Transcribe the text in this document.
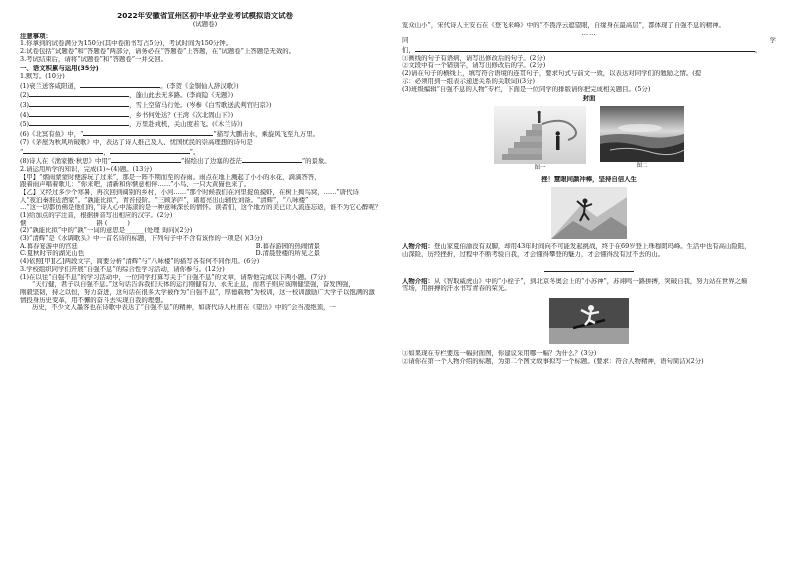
2022年安徽省宣州区初中毕业学业考试模拟语文试卷
(试题卷)
注意事项：
1.你拿到的试卷满分为150分(其中卷面书写占5分)，考试时间为150分钟。
2.试卷包括“试题卷”和“答题卷”两部分，请务必在“答题卷”上答题，在“试题卷”上答题是无效的。
3.考试结束后，请将“试题卷”和“答题卷”一并交回。
一、语文积累与运用(35分)
1.默写。(10分)
(1)衰兰送客咸阳道，	。(李贺《金铜仙人辞汉歌》)
(2)	，蓬山此去无多路。(李商隐《无题》)
(3)	，雪上空留马行处。(岑参《白雪歌送武判官归京》)
(4)	，乡书何处达？(王湾《次北固山下》)
(5)	，万里赴戎机，关山度若飞。(《木兰诗》)
(6)《北冥有鱼》中，“	”描写大鹏击水，乘旋风飞至九万里。
(7)《茅屋为秋风所破歌》中，表达了诗人推己及人、忧国忧民的崇高理想的诗句是
“	，	”。
(8)诗人在《渔家傲·秋思》中用“	”描绘出了边塞的苍茫	”的景象。
2.请运用所学的知识，完成(1)~(4)题。(13分)
【甲】“烟雨蒙蒙时便游玩了过来”，那是一阵不期而至的春雨。雨点在地上溅起了小小的水花，滴滴答答，
跟着雨声唱着歌儿：“你来吧，清新和你惬意相伴……”小鸟、一只大黄猫也来了。
【乙】又经过多少个寒暑，再次回到阔别的乡村，小河……“那个时候我们在河里捉鱼摸虾，在树上掏鸟窝，……”唐代诗
人“夜泊秦淮近酒家”。“孰能比拟”，青苔侵阶。“三顾茅庐”，诸葛亮出山辅佐刘备。“清辉”，“八咏楼”
…“这一切都仿佛是他们的，”诗人心中荡漾的是一种意味深长的情怀。读者们，这个地方的美已让人流连忘返，谁不为它心醉呢？
(1)给加点的字注音，根据拼音写出相应的汉字。(2分)
惬	斟 (	)
(2)“孰能比拟”中的“孰”一词的意思是______(处理 询问)(2分)
(3)“清辉”是《水调歌头》中一首名诗的标题，下列句子中不含有该作的一项是( )(3分)
A.暮春宴游中的宫廷	B.暮春游园的热闹情景
C.夏秋时节的湖光山色	D.清晨登楼的所见之景
(4)依照[甲][乙]两段文字，简要分析“清辉”与“八咏楼”的描写各有何不同作用。(6分)
3.学校组织同学们开展“自强不息”的综合性学习活动，请你参与。(12分)
(1)在以往“自强不息”的学习活动中，一位同学打算写关于“自强不息”的文章，请帮他完成以下两小题。(7分)
“天行健，君子以自强不息。”这句话告诉我们天体的运行刚健有力、永无止息，而君子则应该刚健坚强，奋发图强，
刚毅坚韧，持之以恒，努力奋进，这句话在很多大学被作为“自强不息”，厚德载物”为校训，这一校训激励广大学子以饱满的激
情投身历史变革，用不懈的奋斗去实现自我的理想。
历史，不少文人墨客也在诗歌中表达了“自强不息”的精神，如唐代诗人杜甫在《望岳》中的“会当凌绝顶，一
览众山小”，宋代诗人王安石在《登飞来峰》中的“不畏浮云遮望眼，自缘身在最高层”，都体现了自强不息的精神。
……
同	学
们，	。
①画线的句子有语病，请写出修改后的句子。(2分)
②文段中有一个错别字，请写出修改后的字。(2分)
(2)请在句子的横线上，填写符合语境的连贯句子，要求句式与前文一致，以表达对同学们的勉励之情。(提
示：必须用到一组表示递进关系的关联词)(3分)
(3)班级编辑“自强不息的人物”专栏，下面是一位同学的排版请你把完成相关题目。(5分)
封面
图一	图二
挫！慧眼同颜冲棒，坚持自信人生
人物介绍：登山家夏伯渝没有双脚，却用43年时间向不可能发起挑战，终于在69岁登上珠穆朗玛峰。生活中也有高山险阻，
山深险，历经挫折，过程中不断考验自我，才会懂得攀登的魅力，才会懂得没有过不去的山。
人物介绍：从《智取威虎山》中的“小栓子”，到北京冬奥会上的“小苏神”，苏翊鸣一路拼搏，突破自我，努力站在世界之巅
雪场，用拼搏的汗水书写青春的荣光。
①如果现在专栏要选一幅封面图，你建议采用哪一幅？为什么？(3分)
②请你在第一个人物介绍的标题，为第二个图文故事拟写一个标题。(要求：符合人物精神，语句简洁)(2分)
